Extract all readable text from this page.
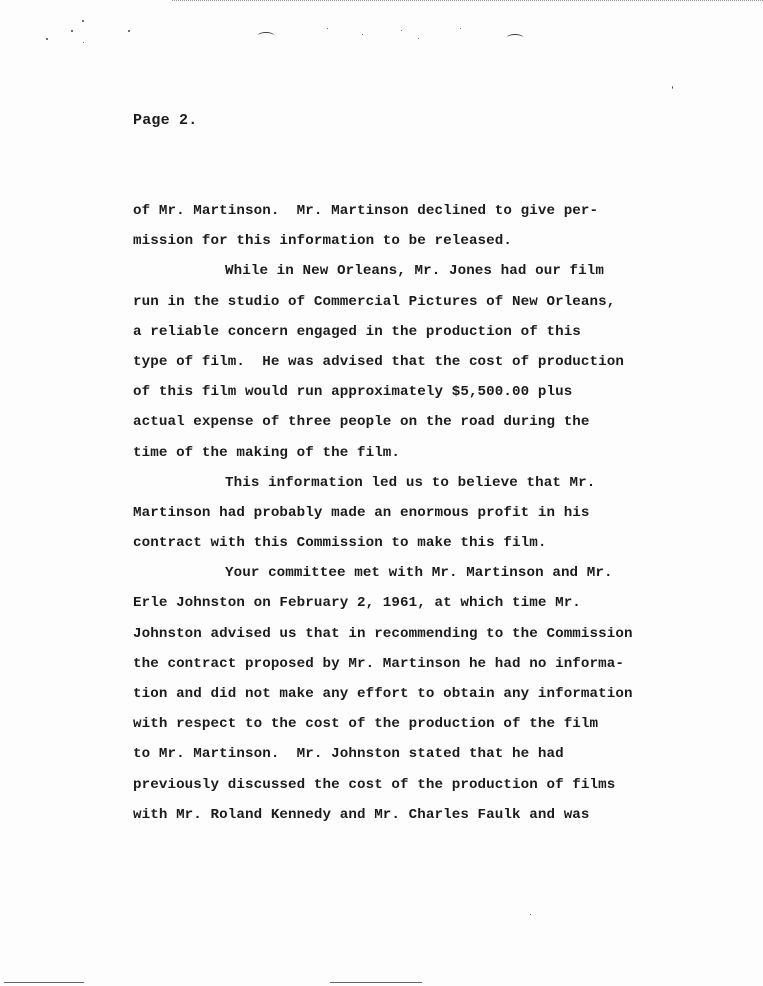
Page 2.
of Mr. Martinson.  Mr. Martinson declined to give per-
mission for this information to be released.
While in New Orleans, Mr. Jones had our film
run in the studio of Commercial Pictures of New Orleans,
a reliable concern engaged in the production of this
type of film.  He was advised that the cost of production
of this film would run approximately $5,500.00 plus
actual expense of three people on the road during the
time of the making of the film.
This information led us to believe that Mr.
Martinson had probably made an enormous profit in his
contract with this Commission to make this film.
Your committee met with Mr. Martinson and Mr.
Erle Johnston on February 2, 1961, at which time Mr.
Johnston advised us that in recommending to the Commission
the contract proposed by Mr. Martinson he had no informa-
tion and did not make any effort to obtain any information
with respect to the cost of the production of the film
to Mr. Martinson.  Mr. Johnston stated that he had
previously discussed the cost of the production of films
with Mr. Roland Kennedy and Mr. Charles Faulk and was
